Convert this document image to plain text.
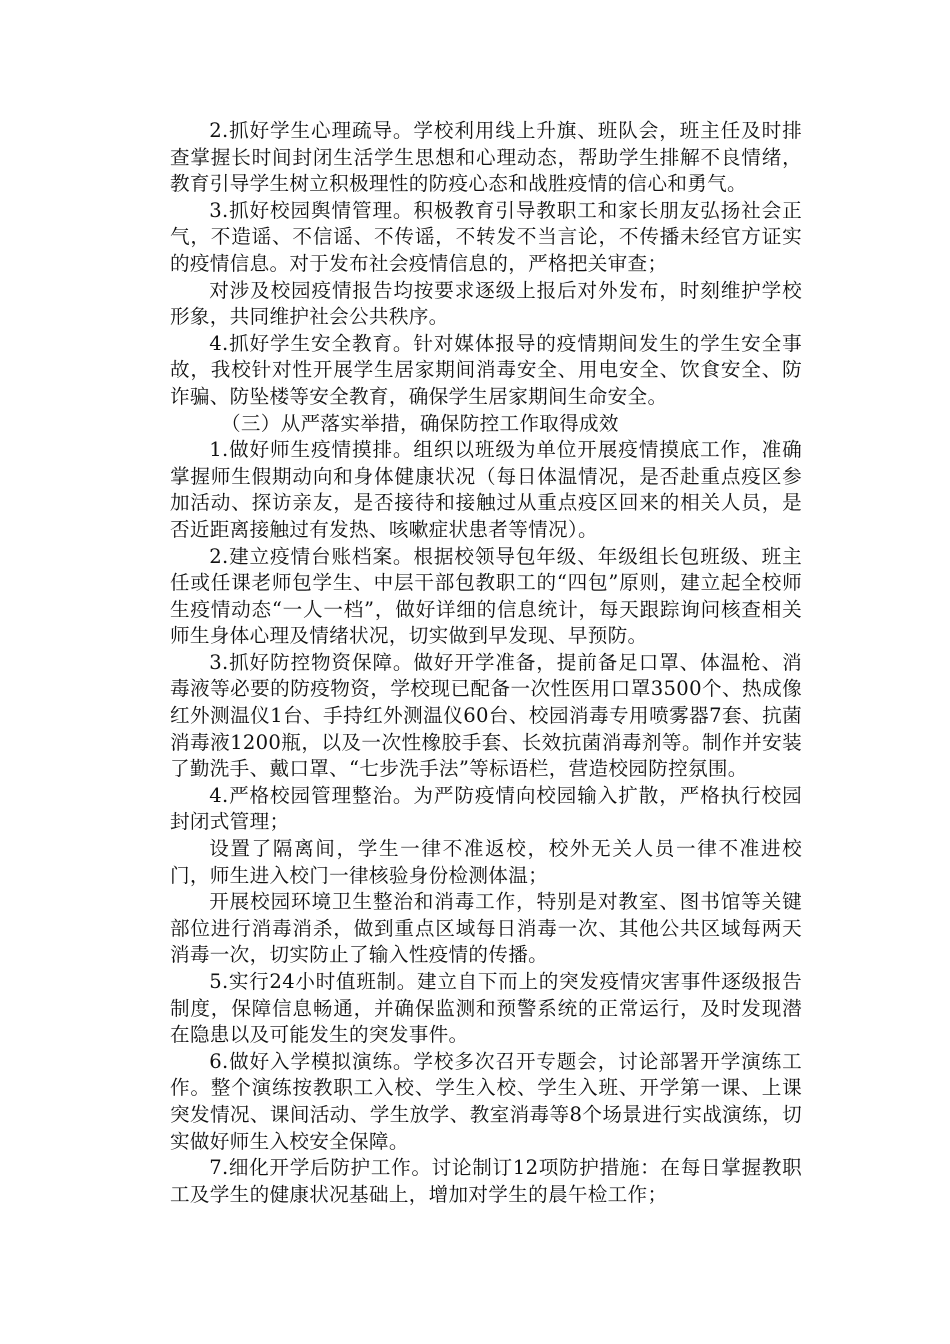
2.抓好学生心理疏导。学校利用线上升旗、班队会，班主任及时排查掌握长时间封闭生活学生思想和心理动态，帮助学生排解不良情绪，教育引导学生树立积极理性的防疫心态和战胜疫情的信心和勇气。

3.抓好校园舆情管理。积极教育引导教职工和家长朋友弘扬社会正气，不造谣、不信谣、不传谣，不转发不当言论，不传播未经官方证实的疫情信息。对于发布社会疫情信息的，严格把关审查；

对涉及校园疫情报告均按要求逐级上报后对外发布，时刻维护学校形象，共同维护社会公共秩序。

4.抓好学生安全教育。针对媒体报导的疫情期间发生的学生安全事故，我校针对性开展学生居家期间消毒安全、用电安全、饮食安全、防诈骗、防坠楼等安全教育，确保学生居家期间生命安全。

（三）从严落实举措，确保防控工作取得成效

1.做好师生疫情摸排。组织以班级为单位开展疫情摸底工作，准确掌握师生假期动向和身体健康状况（每日体温情况，是否赴重点疫区参加活动、探访亲友，是否接待和接触过从重点疫区回来的相关人员，是否近距离接触过有发热、咳嗽症状患者等情况）。

2.建立疫情台账档案。根据校领导包年级、年级组长包班级、班主任或任课老师包学生、中层干部包教职工的“四包”原则，建立起全校师生疫情动态“一人一档”，做好详细的信息统计，每天跟踪询问核查相关师生身体心理及情绪状况，切实做到早发现、早预防。

3.抓好防控物资保障。做好开学准备，提前备足口罩、体温枪、消毒液等必要的防疫物资，学校现已配备一次性医用口罩3500个、热成像红外测温仪1台、手持红外测温仪60台、校园消毒专用喷雾器7套、抗菌消毒液1200瓶，以及一次性橡胶手套、长效抗菌消毒剂等。制作并安装了勤洗手、戴口罩、“七步洗手法”等标语栏，营造校园防控氛围。

4.严格校园管理整治。为严防疫情向校园输入扩散，严格执行校园封闭式管理；

设置了隔离间，学生一律不准返校，校外无关人员一律不准进校门，师生进入校门一律核验身份检测体温；

开展校园环境卫生整治和消毒工作，特别是对教室、图书馆等关键部位进行消毒消杀，做到重点区域每日消毒一次、其他公共区域每两天消毒一次，切实防止了输入性疫情的传播。

5.实行24小时值班制。建立自下而上的突发疫情灾害事件逐级报告制度，保障信息畅通，并确保监测和预警系统的正常运行，及时发现潜在隐患以及可能发生的突发事件。

6.做好入学模拟演练。学校多次召开专题会，讨论部署开学演练工作。整个演练按教职工入校、学生入校、学生入班、开学第一课、上课突发情况、课间活动、学生放学、教室消毒等8个场景进行实战演练，切实做好师生入校安全保障。

7.细化开学后防护工作。讨论制订12项防护措施：在每日掌握教职工及学生的健康状况基础上，增加对学生的晨午检工作；
